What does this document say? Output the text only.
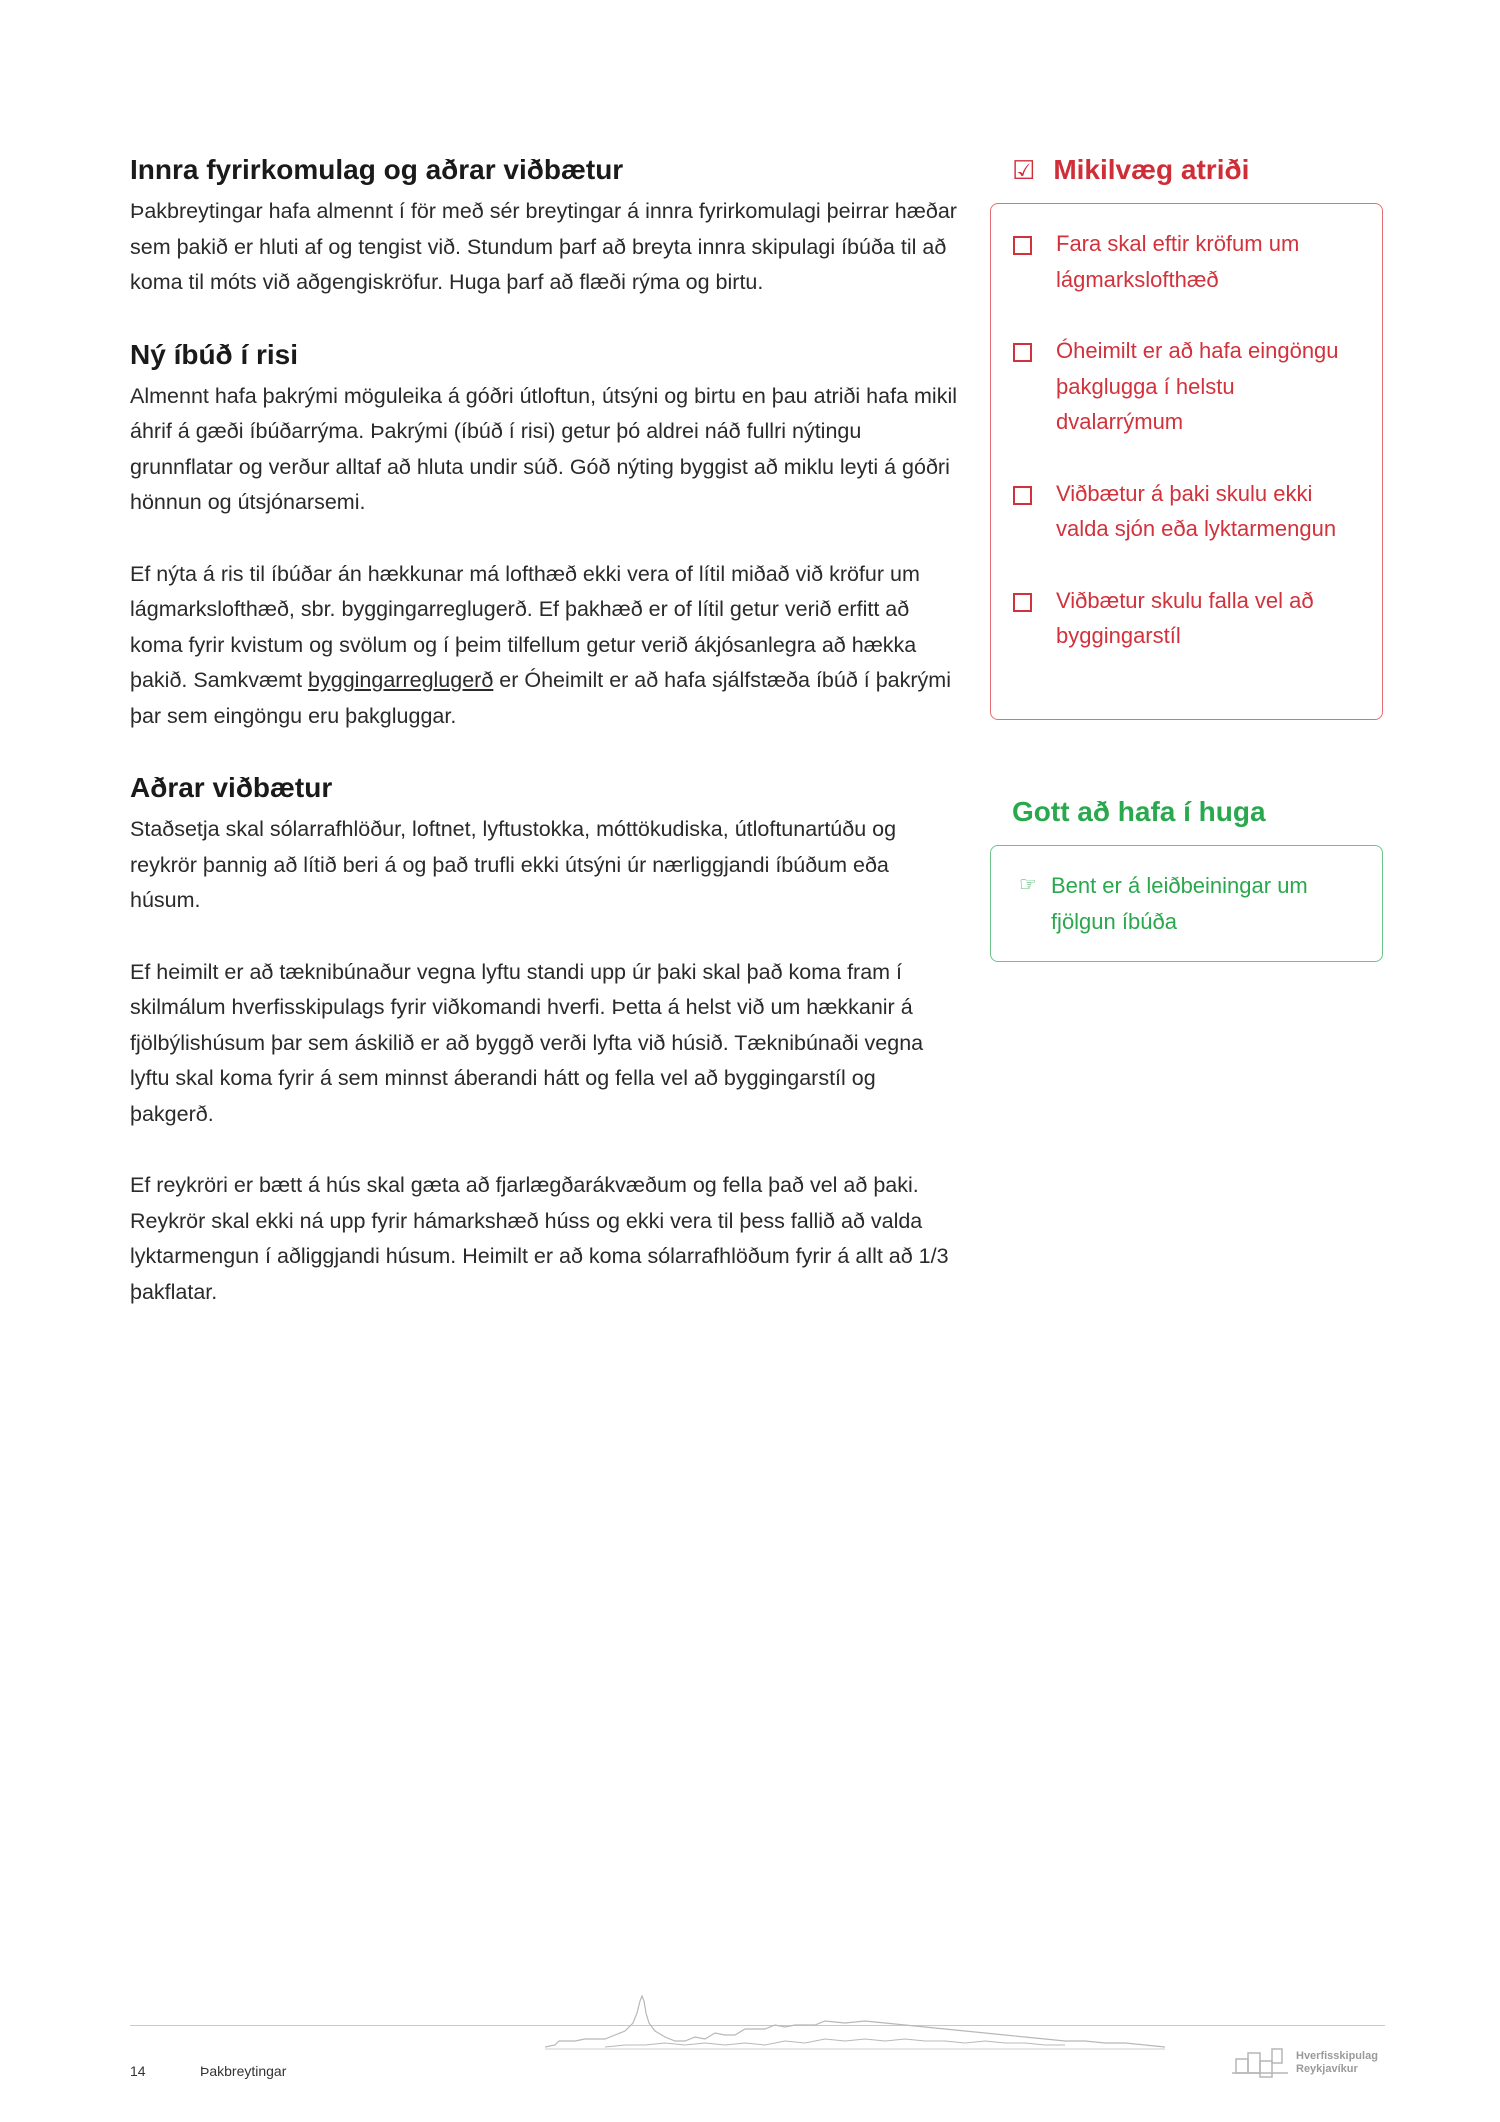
Innra fyrirkomulag og aðrar viðbætur

Þakbreytingar hafa almennt í för með sér breytingar á innra fyrirkomulagi þeirrar hæðar sem þakið er hluti af og tengist við. Stundum þarf að breyta innra skipulagi íbúða til að koma til móts við aðgengiskröfur. Huga þarf að flæði rýma og birtu.

Ný íbúð í risi

Almennt hafa þakrými möguleika á góðri útloftun, útsýni og birtu en þau atriði hafa mikil áhrif á gæði íbúðarrýma. Þakrými (íbúð í risi) getur þó aldrei náð fullri nýtingu grunnflatar og verður alltaf að hluta undir súð. Góð nýting byggist að miklu leyti á góðri hönnun og útsjónarsemi.

Ef nýta á ris til íbúðar án hækkunar má lofthæð ekki vera of lítil miðað við kröfur um lágmarkslofthæð, sbr. byggingarreglugerð. Ef þakhæð er of lítil getur verið erfitt að koma fyrir kvistum og svölum og í þeim tilfellum getur verið ákjósanlegra að hækka þakið. Samkvæmt byggingarreglugerð er Óheimilt er að hafa sjálfstæða íbúð í þakrými þar sem eingöngu eru þakgluggar.

Aðrar viðbætur

Staðsetja skal sólarrafhlöður, loftnet, lyftustokka, móttökudiska, útloftunartúðu og reykrör þannig að lítið beri á og það trufli ekki útsýni úr nærliggjandi íbúðum eða húsum.

Ef heimilt er að tæknibúnaður vegna lyftu standi upp úr þaki skal það koma fram í skilmálum hverfisskipulags fyrir viðkomandi hverfi. Þetta á helst við um hækkanir á fjölbýlishúsum þar sem áskilið er að byggð verði lyfta við húsið. Tæknibúnaði vegna lyftu skal koma fyrir á sem minnst áberandi hátt og fella vel að byggingarstíl og þakgerð.

Ef reykröri er bætt á hús skal gæta að fjarlægðarákvæðum og fella það vel að þaki. Reykrör skal ekki ná upp fyrir hámarkshæð húss og ekki vera til þess fallið að valda lyktarmengun í aðliggjandi húsum. Heimilt er að koma sólarrafhlöðum fyrir á allt að 1/3 þakflatar.

☑ Mikilvæg atriði
Fara skal eftir kröfum um lágmarkslofthæð
Óheimilt er að hafa eingöngu þakglugga í helstu dvalarrýmum
Viðbætur á þaki skulu ekki valda sjón eða lyktarmengun
Viðbætur skulu falla vel að byggingarstíl
Gott að hafa í huga
☞ Bent er á leiðbeiningar um fjölgun íbúða
14	Þakbreytingar
Hverfisskipulag
Reykjavíkur
